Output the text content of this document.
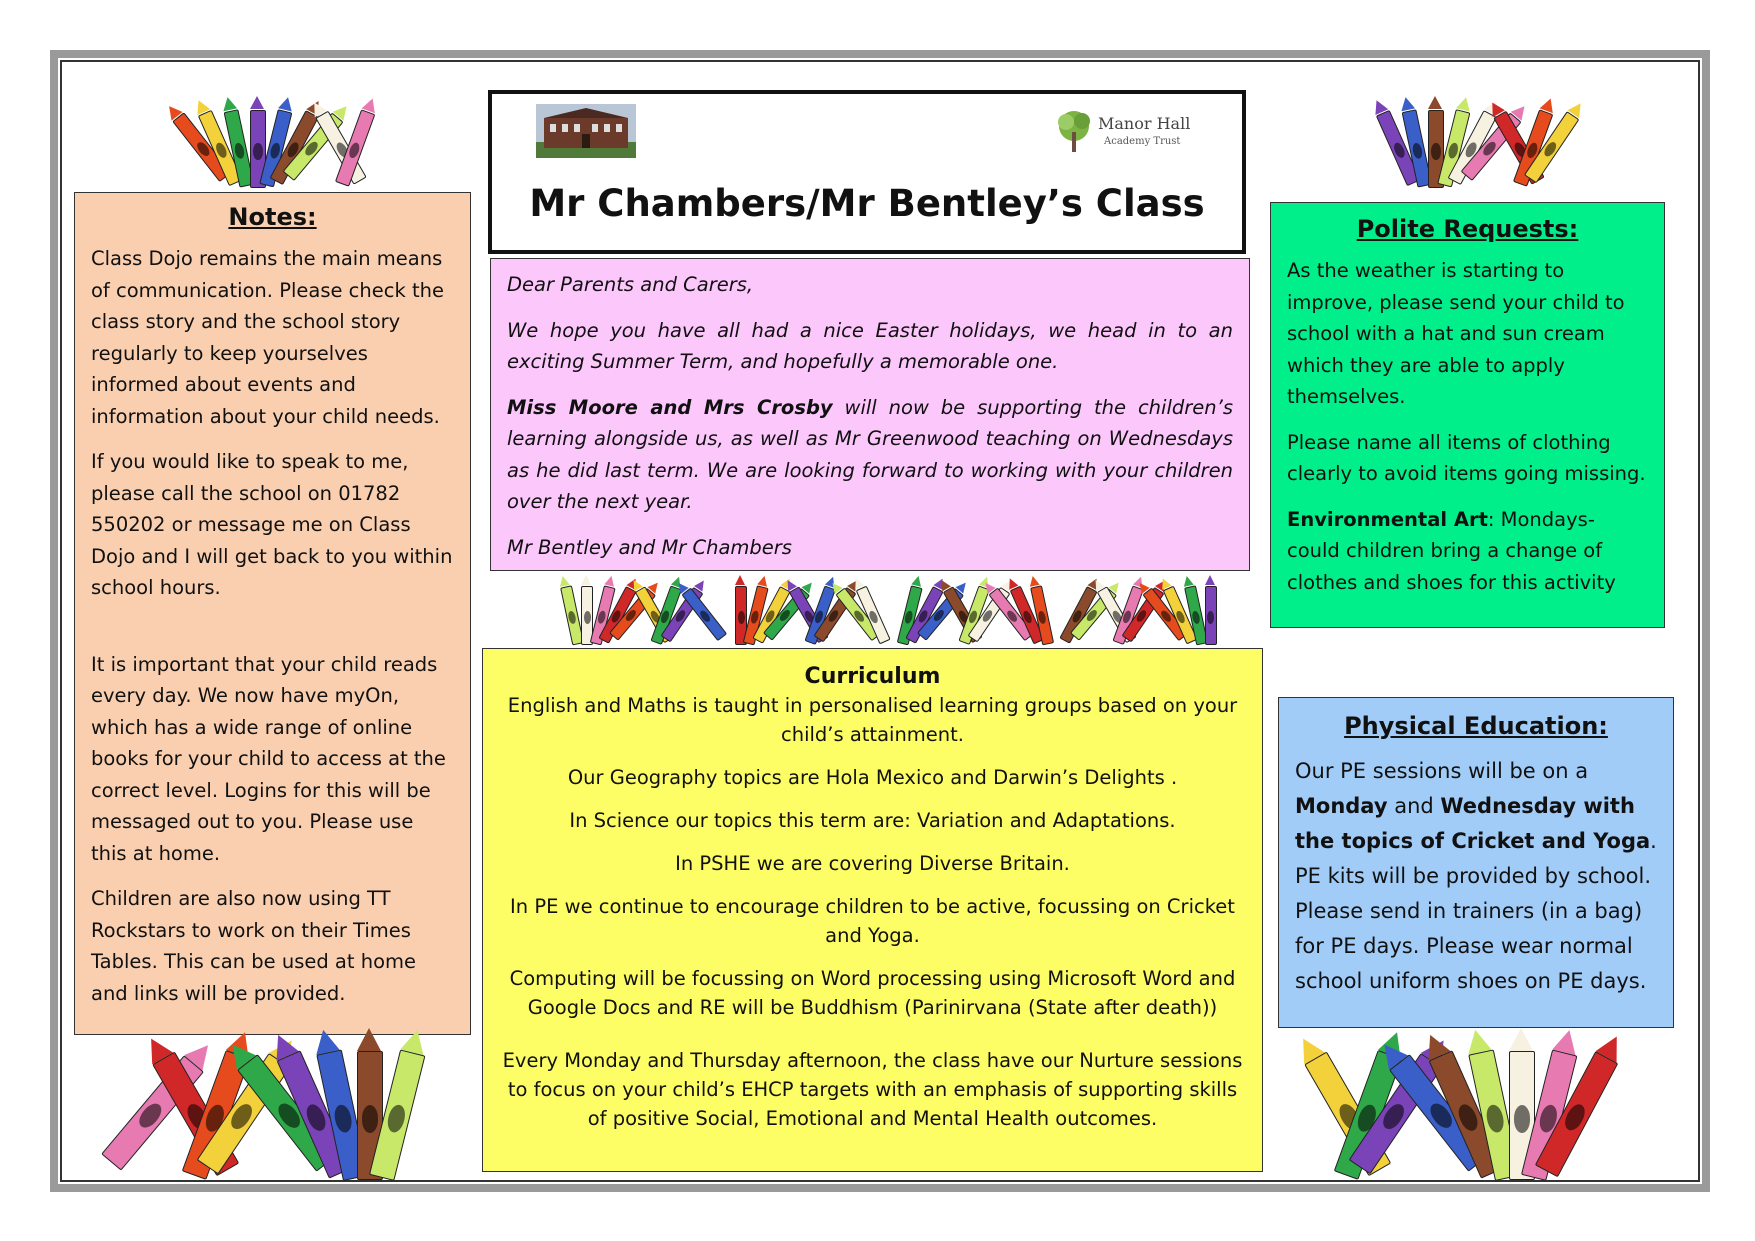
Manor Hall
Academy Trust
Mr Chambers/Mr Bentley’s Class
Notes:

Class Dojo remains the main means of communication. Please check the class story and the school story regularly to keep yourselves informed about events and information about your child needs.

If you would like to speak to me, please call the school on 01782 550202 or message me on Class Dojo and I will get back to you within school hours.

It is important that your child reads every day. We now have myOn, which has a wide range of online books for your child to access at the correct level. Logins for this will be messaged out to you. Please use this at home.

Children are also now using TT Rockstars to work on their Times Tables. This can be used at home and links will be provided.

Dear Parents and Carers,

We hope you have all had a nice Easter holidays, we head in to an exciting Summer Term, and hopefully a memorable one.

Miss Moore and Mrs Crosby will now be supporting the children’s learning alongside us, as well as Mr Greenwood teaching on Wednesdays as he did last term. We are looking forward to working with your children over the next year.

Mr Bentley and Mr Chambers

Curriculum

English and Maths is taught in personalised learning groups based on your child’s attainment.

Our Geography topics are Hola Mexico and Darwin’s Delights .

In Science our topics this term are: Variation and Adaptations.

In PSHE we are covering Diverse Britain.

In PE we continue to encourage children to be active, focussing on Cricket and Yoga.

Computing will be focussing on Word processing using Microsoft Word and Google Docs and RE will be Buddhism (Parinirvana (State after death))

Every Monday and Thursday afternoon, the class have our Nurture sessions to focus on your child’s EHCP targets with an emphasis of supporting skills of positive Social, Emotional and Mental Health outcomes.

Polite Requests:

As the weather is starting to improve, please send your child to school with a hat and sun cream which they are able to apply themselves.

Please name all items of clothing clearly to avoid items going missing.

Environmental Art: Mondays- could children bring a change of clothes and shoes for this activity

Physical Education:
Our PE sessions will be on a Monday and Wednesday with the topics of Cricket and Yoga. PE kits will be provided by school. Please send in trainers (in a bag) for PE days. Please wear normal school uniform shoes on PE days.
